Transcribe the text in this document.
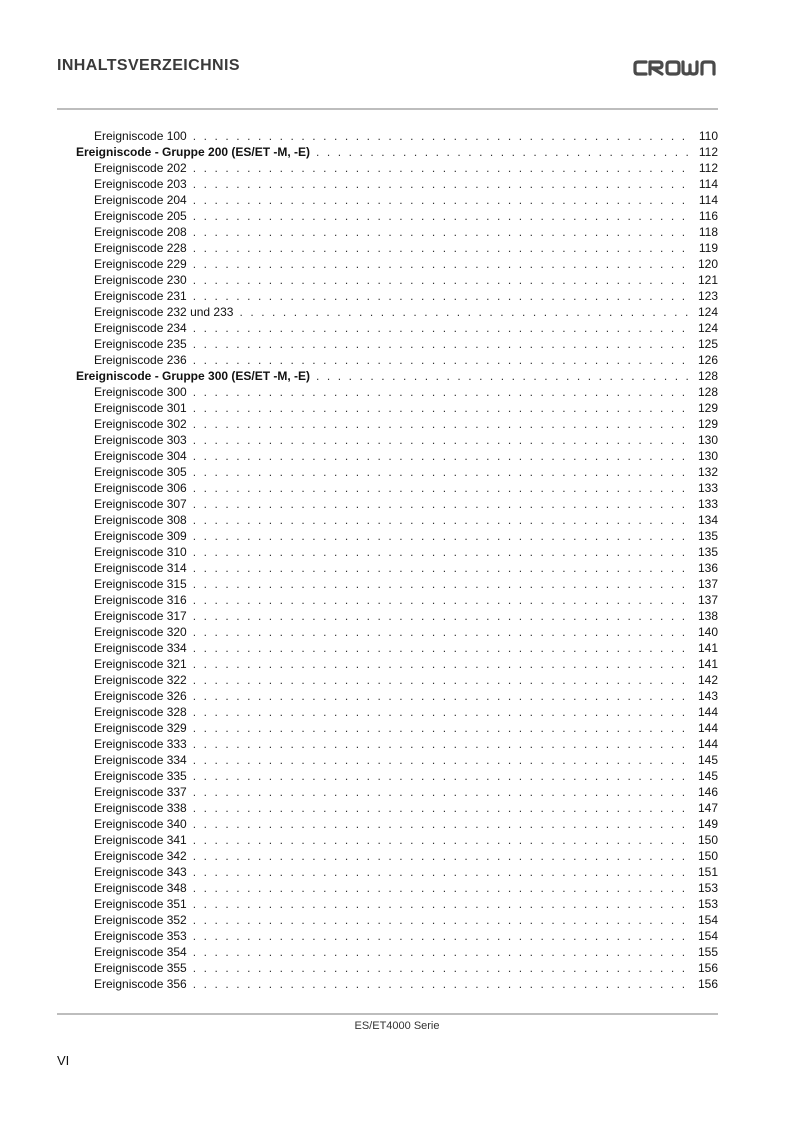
INHALTSVERZEICHNIS
Ereigniscode 100 . . .	110
Ereigniscode - Gruppe 200 (ES/ET -M, -E) . . .	112
Ereigniscode 202 . . .	112
Ereigniscode 203 . . .	114
Ereigniscode 204 . . .	114
Ereigniscode 205 . . .	116
Ereigniscode 208 . . .	118
Ereigniscode 228 . . .	119
Ereigniscode 229 . . .	120
Ereigniscode 230 . . .	121
Ereigniscode 231 . . .	123
Ereigniscode 232 und 233 . . .	124
Ereigniscode 234 . . .	124
Ereigniscode 235 . . .	125
Ereigniscode 236 . . .	126
Ereigniscode - Gruppe 300 (ES/ET -M, -E) . . .	128
Ereigniscode 300 . . .	128
Ereigniscode 301 . . .	129
Ereigniscode 302 . . .	129
Ereigniscode 303 . . .	130
Ereigniscode 304 . . .	130
Ereigniscode 305 . . .	132
Ereigniscode 306 . . .	133
Ereigniscode 307 . . .	133
Ereigniscode 308 . . .	134
Ereigniscode 309 . . .	135
Ereigniscode 310 . . .	135
Ereigniscode 314 . . .	136
Ereigniscode 315 . . .	137
Ereigniscode 316 . . .	137
Ereigniscode 317 . . .	138
Ereigniscode 320 . . .	140
Ereigniscode 334 . . .	141
Ereigniscode 321 . . .	141
Ereigniscode 322 . . .	142
Ereigniscode 326 . . .	143
Ereigniscode 328 . . .	144
Ereigniscode 329 . . .	144
Ereigniscode 333 . . .	144
Ereigniscode 334 . . .	145
Ereigniscode 335 . . .	145
Ereigniscode 337 . . .	146
Ereigniscode 338 . . .	147
Ereigniscode 340 . . .	149
Ereigniscode 341 . . .	150
Ereigniscode 342 . . .	150
Ereigniscode 343 . . .	151
Ereigniscode 348 . . .	153
Ereigniscode 351 . . .	153
Ereigniscode 352 . . .	154
Ereigniscode 353 . . .	154
Ereigniscode 354 . . .	155
Ereigniscode 355 . . .	156
Ereigniscode 356 . . .	156
ES/ET4000 Serie
VI
